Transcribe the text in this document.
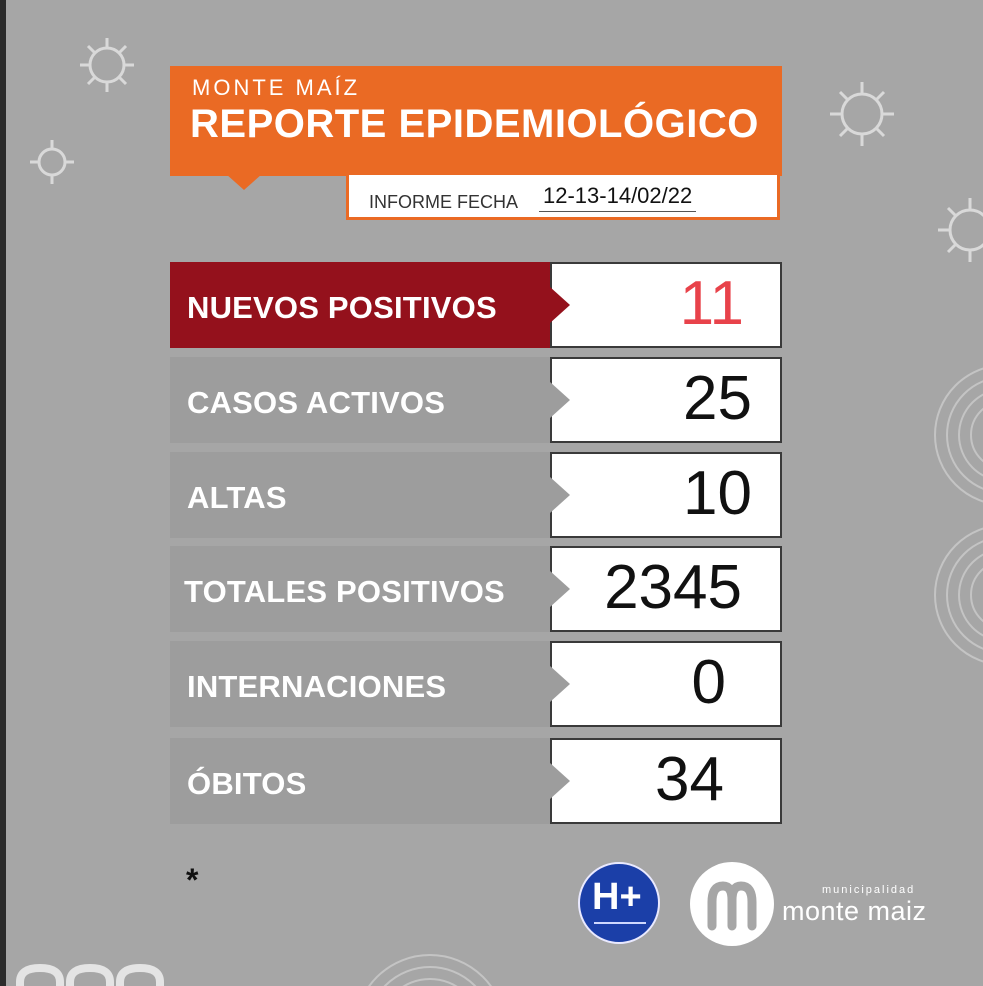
MONTE MAÍZ
REPORTE EPIDEMIOLÓGICO
INFORME FECHA 12-13-14/02/22
NUEVOS POSITIVOS	11
CASOS ACTIVOS	25
ALTAS	10
TOTALES POSITIVOS 2345
INTERNACIONES	0
ÓBITOS	34
*	H+	municipalidad
monte maiz
